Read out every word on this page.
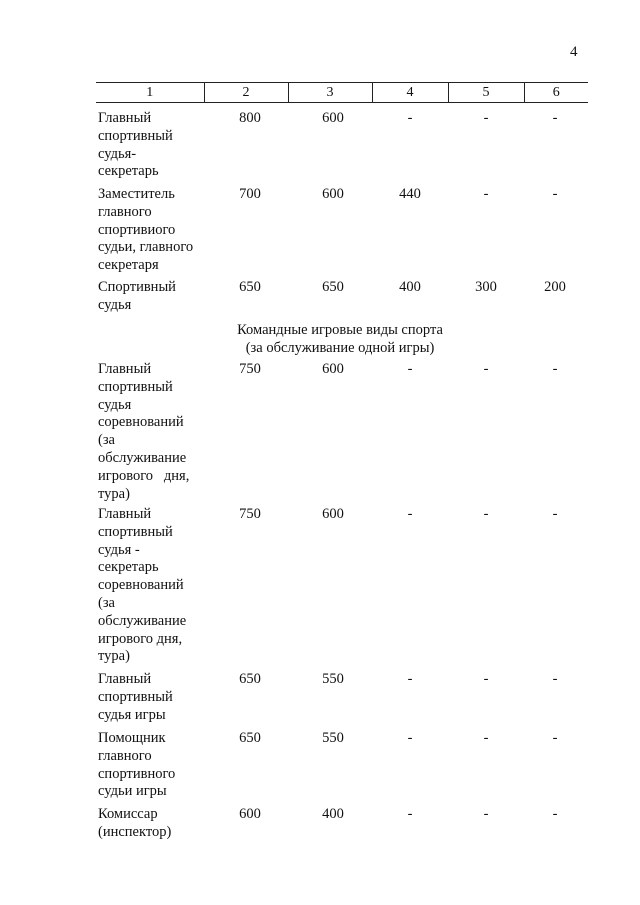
4
1	2	3	4	5	6
Главный
спортивный
судья-
секретарь
800	600	-	-	-
Заместитель
главного
спортивиого
судьи, главного
секретаря
700	600	440	-	-
Спортивный
судья
650	650	400	300	200
Командные игровые виды спорта
(за обслуживание одной игры)
Главный
спортивный
судья
соревнований
(за
обслуживание
игрового   дня,
тура)
750	600	-	-	-
Главный
спортивный
судья -
секретарь
соревнований
(за
обслуживание
игрового дня,
тура)
750	600	-	-	-
Главный
спортивный
судья игры
650	550	-	-	-
Помощник
главного
спортивного
судьи игры
650	550	-	-	-
Комиссар
(инспектор)
600	400	-	-	-
